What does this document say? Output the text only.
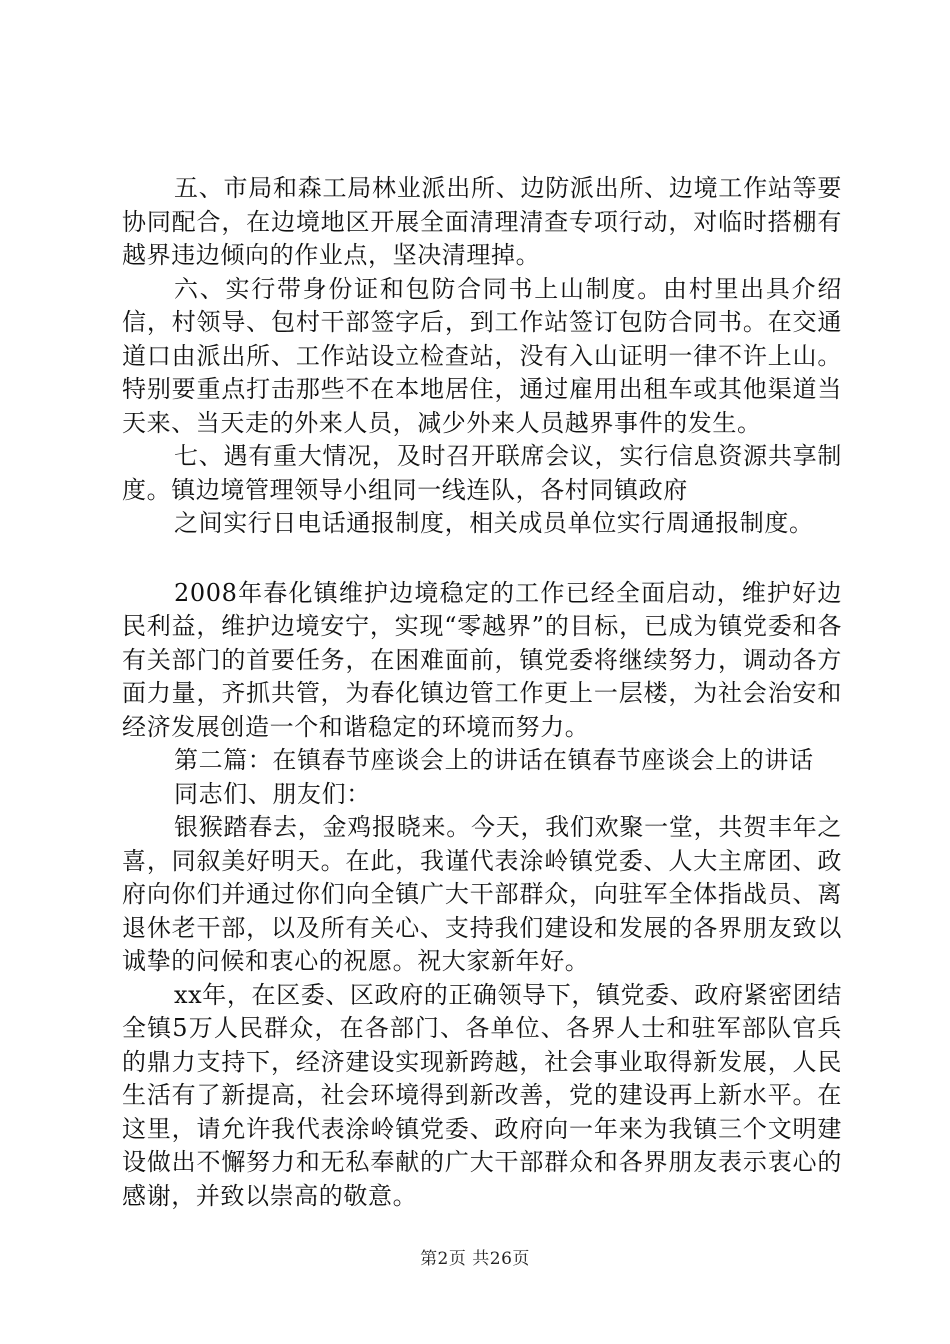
五、市局和森工局林业派出所、边防派出所、边境工作站等要协同配合，在边境地区开展全面清理清查专项行动，对临时搭棚有越界违边倾向的作业点，坚决清理掉。

六、实行带身份证和包防合同书上山制度。由村里出具介绍信，村领导、包村干部签字后，到工作站签订包防合同书。在交通道口由派出所、工作站设立检查站，没有入山证明一律不许上山。特别要重点打击那些不在本地居住，通过雇用出租车或其他渠道当天来、当天走的外来人员，减少外来人员越界事件的发生。

七、遇有重大情况，及时召开联席会议，实行信息资源共享制度。镇边境管理领导小组同一线连队，各村同镇政府

之间实行日电话通报制度，相关成员单位实行周通报制度。

2008年春化镇维护边境稳定的工作已经全面启动，维护好边民利益，维护边境安宁，实现“零越界”的目标，已成为镇党委和各有关部门的首要任务，在困难面前，镇党委将继续努力，调动各方面力量，齐抓共管，为春化镇边管工作更上一层楼，为社会治安和经济发展创造一个和谐稳定的环境而努力。

第二篇：在镇春节座谈会上的讲话在镇春节座谈会上的讲话

同志们、朋友们：

银猴踏春去，金鸡报晓来。今天，我们欢聚一堂，共贺丰年之喜，同叙美好明天。在此，我谨代表涂岭镇党委、人大主席团、政府向你们并通过你们向全镇广大干部群众，向驻军全体指战员、离退休老干部，以及所有关心、支持我们建设和发展的各界朋友致以诚挚的问候和衷心的祝愿。祝大家新年好。

xx年，在区委、区政府的正确领导下，镇党委、政府紧密团结全镇5万人民群众，在各部门、各单位、各界人士和驻军部队官兵的鼎力支持下，经济建设实现新跨越，社会事业取得新发展，人民生活有了新提高，社会环境得到新改善，党的建设再上新水平。在这里，请允许我代表涂岭镇党委、政府向一年来为我镇三个文明建设做出不懈努力和无私奉献的广大干部群众和各界朋友表示衷心的感谢，并致以崇高的敬意。

第2页 共26页
